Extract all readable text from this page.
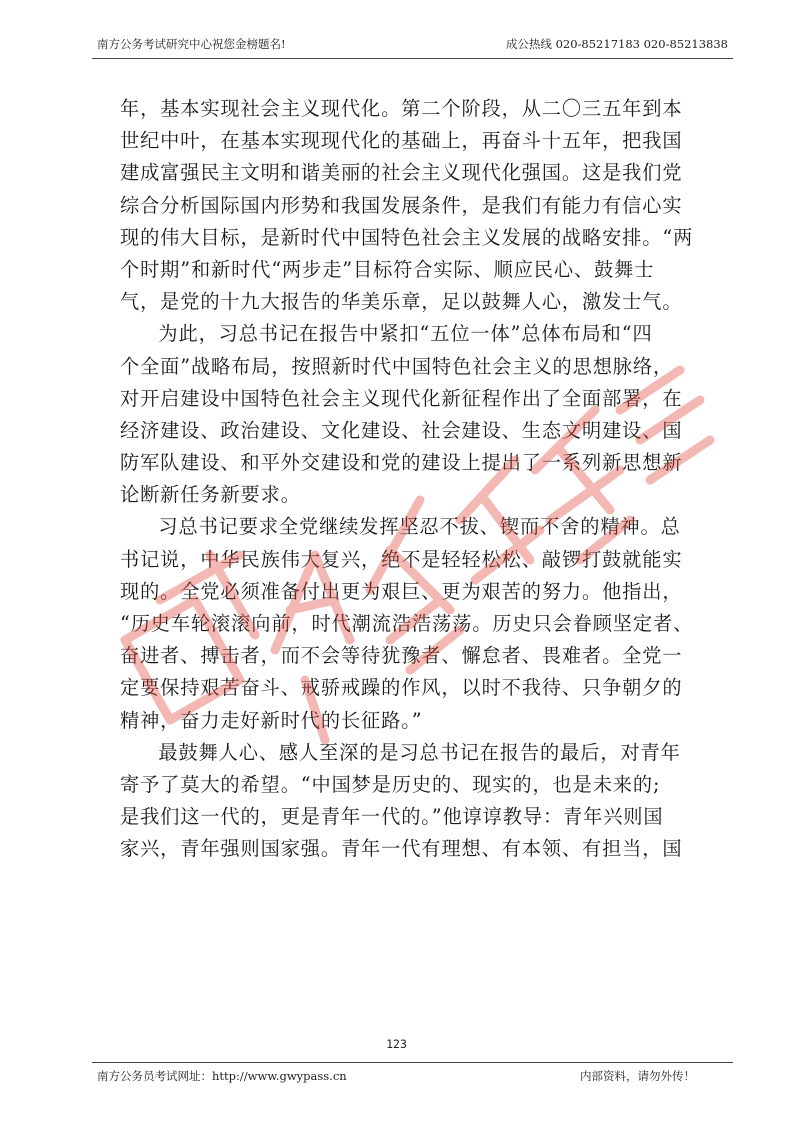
南方公务考试研究中心祝您金榜题名!	成公热线 020-85217183 020-85213838
年，基本实现社会主义现代化。第二个阶段，从二〇三五年到本
世纪中叶，在基本实现现代化的基础上，再奋斗十五年，把我国
建成富强民主文明和谐美丽的社会主义现代化强国。这是我们党
综合分析国际国内形势和我国发展条件，是我们有能力有信心实
现的伟大目标，是新时代中国特色社会主义发展的战略安排。“两
个时期”和新时代“两步走”目标符合实际、顺应民心、鼓舞士
气，是党的十九大报告的华美乐章，足以鼓舞人心，激发士气。
为此，习总书记在报告中紧扣“五位一体”总体布局和“四
个全面”战略布局，按照新时代中国特色社会主义的思想脉络，
对开启建设中国特色社会主义现代化新征程作出了全面部署，在
经济建设、政治建设、文化建设、社会建设、生态文明建设、国
防军队建设、和平外交建设和党的建设上提出了一系列新思想新
论断新任务新要求。
习总书记要求全党继续发挥坚忍不拔、锲而不舍的精神。总
书记说，中华民族伟大复兴，绝不是轻轻松松、敲锣打鼓就能实
现的。全党必须准备付出更为艰巨、更为艰苦的努力。他指出，
“历史车轮滚滚向前，时代潮流浩浩荡荡。历史只会眷顾坚定者、
奋进者、搏击者，而不会等待犹豫者、懈怠者、畏难者。全党一
定要保持艰苦奋斗、戒骄戒躁的作风，以时不我待、只争朝夕的
精神，奋力走好新时代的长征路。”
最鼓舞人心、感人至深的是习总书记在报告的最后，对青年
寄予了莫大的希望。“中国梦是历史的、现实的，也是未来的;
是我们这一代的，更是青年一代的。”他谆谆教导：青年兴则国
家兴，青年强则国家强。青年一代有理想、有本领、有担当，国
123
南方公务员考试网址：http://www.gwypass.cn	内部资料，请勿外传！
